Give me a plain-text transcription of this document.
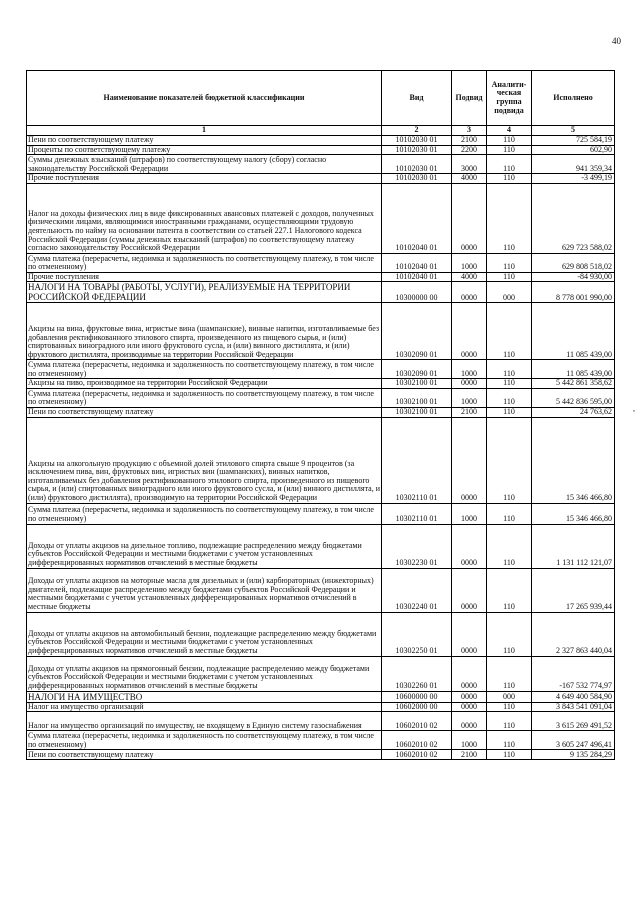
40
Наименование показателей бюджетной классификации	Вид	Подвид	Аналити-ческая группа подвида	Исполнено
1	2	3	4	5
Пени по соответствующему платежу	10102030 01	2100	110	725 584,19
Проценты по соответствующему платежу	10102030 01	2200	110	602,90
Суммы денежных взысканий (штрафов) по соответствующему налогу (сбору) согласно законодательству Российской Федерации	10102030 01	3000	110	941 359,34
Прочие поступления	10102030 01	4000	110	-3 499,19
Налог на доходы физических лиц в виде фиксированных авансовых платежей с доходов, полученных физическими лицами, являющимися иностранными гражданами, осуществляющими трудовую деятельность по найму на основании патента в соответствии со статьей 227.1 Налогового кодекса Российской Федерации (суммы денежных взысканий (штрафов) по соответствующему платежу согласно законодательству Российской Федерации	10102040 01	0000	110	629 723 588,02
Сумма платежа (перерасчеты, недоимка и задолженность по соответствующему платежу, в том числе по отмененному)	10102040 01	1000	110	629 808 518,02
Прочие поступления	10102040 01	4000	110	-84 930,00
НАЛОГИ НА ТОВАРЫ (РАБОТЫ, УСЛУГИ), РЕАЛИЗУЕМЫЕ НА ТЕРРИТОРИИ РОССИЙСКОЙ ФЕДЕРАЦИИ	10300000 00	0000	000	8 778 001 990,00
Акцизы на вина, фруктовые вина, игристые вина (шампанские), винные напитки, изготавливаемые без добавления ректификованного этилового спирта, произведенного из пищевого сырья, и (или) спиртованных виноградного или иного фруктового сусла, и (или) винного дистиллята, и (или) фруктового дистиллята, производимые на территории Российской Федерации	10302090 01	0000	110	11 085 439,00
Сумма платежа (перерасчеты, недоимка и задолженность по соответствующему платежу, в том числе по отмененному)	10302090 01	1000	110	11 085 439,00
Акцизы на пиво, производимое на территории Российской Федерации	10302100 01	0000	110	5 442 861 358,62
Сумма платежа (перерасчеты, недоимка и задолженность по соответствующему платежу, в том числе по отмененному)	10302100 01	1000	110	5 442 836 595,00
Пени по соответствующему платежу	10302100 01	2100	110	24 763,62
Акцизы на алкогольную продукцию с объемной долей этилового спирта свыше 9 процентов (за исключением пива, вин, фруктовых вин, игристых вин (шампанских), винных напитков, изготавливаемых без добавления ректификованного этилового спирта, произведенного из пищевого сырья, и (или) спиртованных виноградного или иного фруктового сусла, и (или) винного дистиллята, и (или) фруктового дистиллята), производимую на территории Российской Федерации	10302110 01	0000	110	15 346 466,80
Сумма платежа (перерасчеты, недоимка и задолженность по соответствующему платежу, в том числе по отмененному)	10302110 01	1000	110	15 346 466,80
Доходы от уплаты акцизов на дизельное топливо, подлежащие распределению между бюджетами субъектов Российской Федерации и местными бюджетами с учетом установленных дифференцированных нормативов отчислений в местные бюджеты	10302230 01	0000	110	1 131 112 121,07
Доходы от уплаты акцизов на моторные масла для дизельных и (или) карбюраторных (инжекторных) двигателей, подлежащие распределению между бюджетами субъектов Российской Федерации и местными бюджетами с учетом установленных дифференцированных нормативов отчислений в местные бюджеты	10302240 01	0000	110	17 265 939,44
Доходы от уплаты акцизов на автомобильный бензин, подлежащие распределению между бюджетами субъектов Российской Федерации и местными бюджетами с учетом установленных дифференцированных нормативов отчислений в местные бюджеты	10302250 01	0000	110	2 327 863 440,04
Доходы от уплаты акцизов на прямогонный бензин, подлежащие распределению между бюджетами субъектов Российской Федерации и местными бюджетами с учетом установленных дифференцированных нормативов отчислений в местные бюджеты	10302260 01	0000	110	-167 532 774,97
НАЛОГИ НА ИМУЩЕСТВО	10600000 00	0000	000	4 649 400 584,90
Налог на имущество организаций	10602000 00	0000	110	3 843 541 091,04
Налог на имущество организаций по имуществу, не входящему в Единую систему газоснабжения	10602010 02	0000	110	3 615 269 491,52
Сумма платежа (перерасчеты, недоимка и задолженность по соответствующему платежу, в том числе по отмененному)	10602010 02	1000	110	3 605 247 496,41
Пени по соответствующему платежу	10602010 02	2100	110	9 135 284,29
,
